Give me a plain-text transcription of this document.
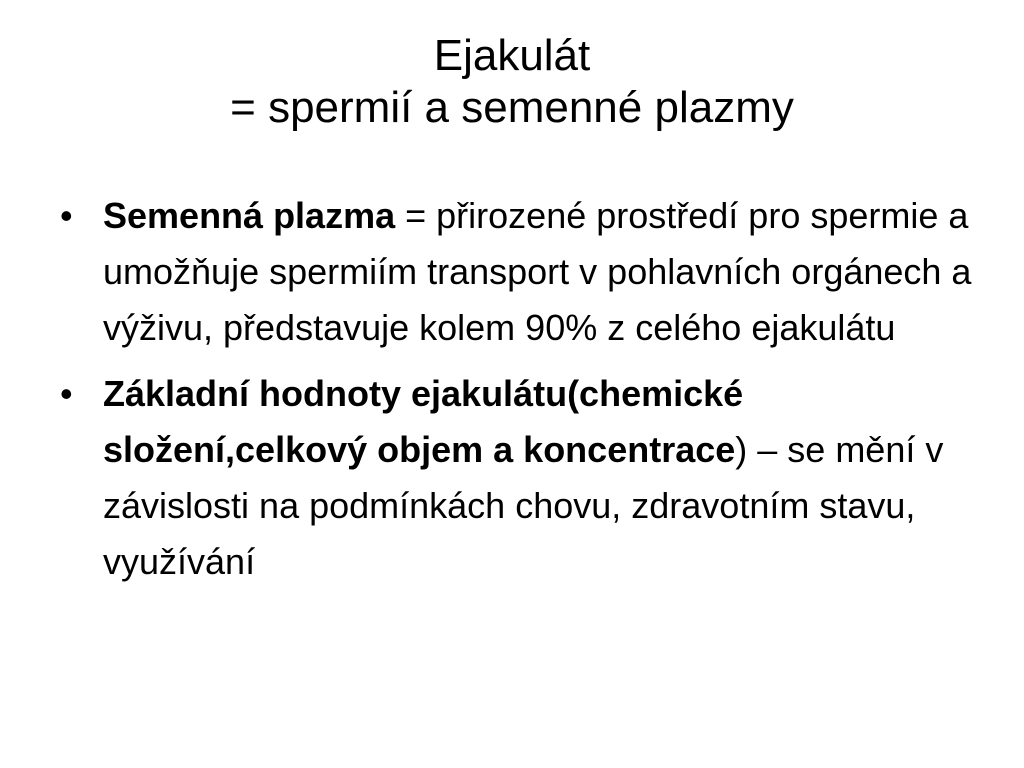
Ejakulát
= spermií a semenné plazmy
• Semenná plazma = přirozené prostředí pro spermie a umožňuje spermiím transport v pohlavních orgánech a výživu, představuje kolem 90% z celého ejakulátu
• Základní hodnoty ejakulátu(chemické složení,celkový objem a koncentrace) – se mění v závislosti na podmínkách chovu, zdravotním stavu, využívání
